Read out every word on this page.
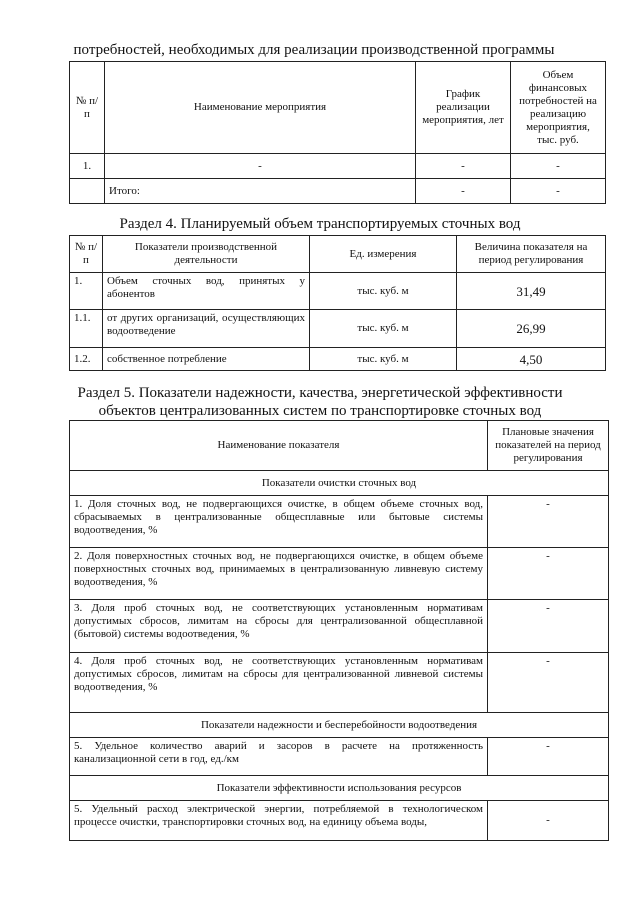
потребностей, необходимых для реализации производственной программы
№ п/п	Наименование мероприятия	График реализации мероприятия, лет	Объем финансовых потребностей на реализацию мероприятия, тыс. руб.
1.	-	-	-
	Итого:	-	-
Раздел 4. Планируемый объем транспортируемых сточных вод
№ п/п	Показатели производственной деятельности	Ед. измерения	Величина показателя на период регулирования
1.	Объем сточных вод, принятых у абонентов	тыс. куб. м	31,49
1.1.	от других организаций, осуществляющих водоотведение	тыс. куб. м	26,99
1.2.	собственное потребление	тыс. куб. м	4,50
Раздел 5. Показатели надежности, качества, энергетической эффективности
объектов централизованных систем по транспортировке сточных вод
Наименование показателя	Плановые значения показателей на период регулирования
Показатели очистки сточных вод	
1. Доля сточных вод, не подвергающихся очистке, в общем объеме сточных вод, сбрасываемых в централизованные общесплавные или бытовые системы водоотведения, %	-
2. Доля поверхностных сточных вод, не подвергающихся очистке, в общем объеме поверхностных сточных вод, принимаемых в централизованную ливневую систему водоотведения, %	-
3. Доля проб сточных вод, не соответствующих установленным нормативам допустимых сбросов, лимитам на сбросы для централизованной общесплавной (бытовой) системы водоотведения, %	-
4. Доля проб сточных вод, не соответствующих установленным нормативам допустимых сбросов, лимитам на сбросы для централизованной ливневой системы водоотведения, %	-
Показатели надежности и бесперебойности водоотведения	
5. Удельное количество аварий и засоров в расчете на протяженность канализационной сети в год, ед./км	-
Показатели эффективности использования ресурсов	
5. Удельный расход электрической энергии, потребляемой в технологическом процессе очистки, транспортировки сточных вод, на единицу объема воды,	-
